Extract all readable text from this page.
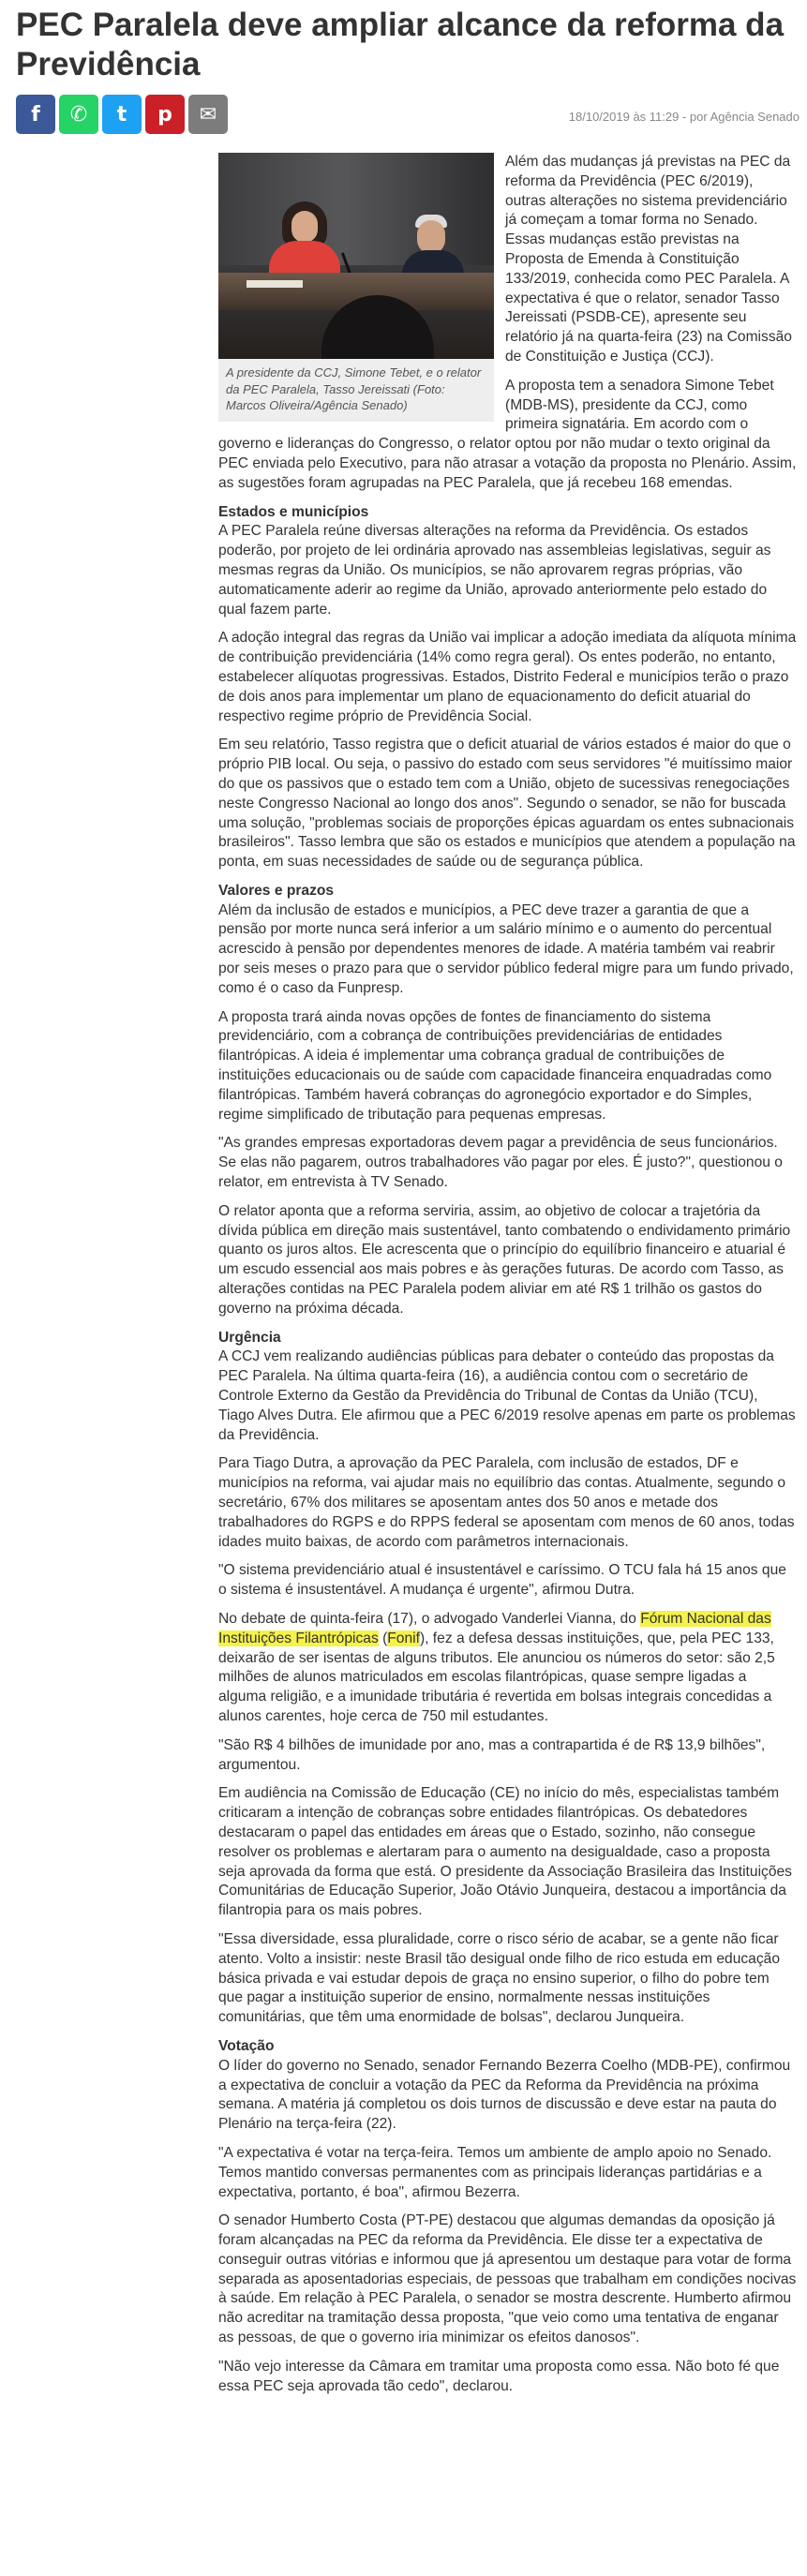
PEC Paralela deve ampliar alcance da reforma da Previdência
f ✆ t p ✉	18/10/2019 às 11:29 - por Agência Senado
A presidente da CCJ, Simone Tebet, e o relator da PEC Paralela, Tasso Jereissati (Foto: Marcos Oliveira/Agência Senado)

Além das mudanças já previstas na PEC da reforma da Previdência (PEC 6/2019), outras alterações no sistema previdenciário já começam a tomar forma no Senado. Essas mudanças estão previstas na Proposta de Emenda à Constituição 133/2019, conhecida como PEC Paralela. A expectativa é que o relator, senador Tasso Jereissati (PSDB-CE), apresente seu relatório já na quarta-feira (23) na Comissão de Constituição e Justiça (CCJ).

A proposta tem a senadora Simone Tebet (MDB-MS), presidente da CCJ, como primeira signatária. Em acordo com o governo e lideranças do Congresso, o relator optou por não mudar o texto original da PEC enviada pelo Executivo, para não atrasar a votação da proposta no Plenário. Assim, as sugestões foram agrupadas na PEC Paralela, que já recebeu 168 emendas.

Estados e municípios

A PEC Paralela reúne diversas alterações na reforma da Previdência. Os estados poderão, por projeto de lei ordinária aprovado nas assembleias legislativas, seguir as mesmas regras da União. Os municípios, se não aprovarem regras próprias, vão automaticamente aderir ao regime da União, aprovado anteriormente pelo estado do qual fazem parte.

A adoção integral das regras da União vai implicar a adoção imediata da alíquota mínima de contribuição previdenciária (14% como regra geral). Os entes poderão, no entanto, estabelecer alíquotas progressivas. Estados, Distrito Federal e municípios terão o prazo de dois anos para implementar um plano de equacionamento do deficit atuarial do respectivo regime próprio de Previdência Social.

Em seu relatório, Tasso registra que o deficit atuarial de vários estados é maior do que o próprio PIB local. Ou seja, o passivo do estado com seus servidores "é muitíssimo maior do que os passivos que o estado tem com a União, objeto de sucessivas renegociações neste Congresso Nacional ao longo dos anos". Segundo o senador, se não for buscada uma solução, "problemas sociais de proporções épicas aguardam os entes subnacionais brasileiros". Tasso lembra que são os estados e municípios que atendem a população na ponta, em suas necessidades de saúde ou de segurança pública.

Valores e prazos

Além da inclusão de estados e municípios, a PEC deve trazer a garantia de que a pensão por morte nunca será inferior a um salário mínimo e o aumento do percentual acrescido à pensão por dependentes menores de idade. A matéria também vai reabrir por seis meses o prazo para que o servidor público federal migre para um fundo privado, como é o caso da Funpresp.

A proposta trará ainda novas opções de fontes de financiamento do sistema previdenciário, com a cobrança de contribuições previdenciárias de entidades filantrópicas. A ideia é implementar uma cobrança gradual de contribuições de instituições educacionais ou de saúde com capacidade financeira enquadradas como filantrópicas. Também haverá cobranças do agronegócio exportador e do Simples, regime simplificado de tributação para pequenas empresas.

"As grandes empresas exportadoras devem pagar a previdência de seus funcionários. Se elas não pagarem, outros trabalhadores vão pagar por eles. É justo?", questionou o relator, em entrevista à TV Senado.

O relator aponta que a reforma serviria, assim, ao objetivo de colocar a trajetória da dívida pública em direção mais sustentável, tanto combatendo o endividamento primário quanto os juros altos. Ele acrescenta que o princípio do equilíbrio financeiro e atuarial é um escudo essencial aos mais pobres e às gerações futuras. De acordo com Tasso, as alterações contidas na PEC Paralela podem aliviar em até R$ 1 trilhão os gastos do governo na próxima década.

Urgência

A CCJ vem realizando audiências públicas para debater o conteúdo das propostas da PEC Paralela. Na última quarta-feira (16), a audiência contou com o secretário de Controle Externo da Gestão da Previdência do Tribunal de Contas da União (TCU), Tiago Alves Dutra. Ele afirmou que a PEC 6/2019 resolve apenas em parte os problemas da Previdência.

Para Tiago Dutra, a aprovação da PEC Paralela, com inclusão de estados, DF e municípios na reforma, vai ajudar mais no equilíbrio das contas. Atualmente, segundo o secretário, 67% dos militares se aposentam antes dos 50 anos e metade dos trabalhadores do RGPS e do RPPS federal se aposentam com menos de 60 anos, todas idades muito baixas, de acordo com parâmetros internacionais.

"O sistema previdenciário atual é insustentável e caríssimo. O TCU fala há 15 anos que o sistema é insustentável. A mudança é urgente", afirmou Dutra.

No debate de quinta-feira (17), o advogado Vanderlei Vianna, do Fórum Nacional das Instituições Filantrópicas (Fonif), fez a defesa dessas instituições, que, pela PEC 133, deixarão de ser isentas de alguns tributos. Ele anunciou os números do setor: são 2,5 milhões de alunos matriculados em escolas filantrópicas, quase sempre ligadas a alguma religião, e a imunidade tributária é revertida em bolsas integrais concedidas a alunos carentes, hoje cerca de 750 mil estudantes.

"São R$ 4 bilhões de imunidade por ano, mas a contrapartida é de R$ 13,9 bilhões", argumentou.

Em audiência na Comissão de Educação (CE) no início do mês, especialistas também criticaram a intenção de cobranças sobre entidades filantrópicas. Os debatedores destacaram o papel das entidades em áreas que o Estado, sozinho, não consegue resolver os problemas e alertaram para o aumento na desigualdade, caso a proposta seja aprovada da forma que está. O presidente da Associação Brasileira das Instituições Comunitárias de Educação Superior, João Otávio Junqueira, destacou a importância da filantropia para os mais pobres.

"Essa diversidade, essa pluralidade, corre o risco sério de acabar, se a gente não ficar atento. Volto a insistir: neste Brasil tão desigual onde filho de rico estuda em educação básica privada e vai estudar depois de graça no ensino superior, o filho do pobre tem que pagar a instituição superior de ensino, normalmente nessas instituições comunitárias, que têm uma enormidade de bolsas", declarou Junqueira.

Votação

O líder do governo no Senado, senador Fernando Bezerra Coelho (MDB-PE), confirmou a expectativa de concluir a votação da PEC da Reforma da Previdência na próxima semana. A matéria já completou os dois turnos de discussão e deve estar na pauta do Plenário na terça-feira (22).

"A expectativa é votar na terça-feira. Temos um ambiente de amplo apoio no Senado. Temos mantido conversas permanentes com as principais lideranças partidárias e a expectativa, portanto, é boa", afirmou Bezerra.

O senador Humberto Costa (PT-PE) destacou que algumas demandas da oposição já foram alcançadas na PEC da reforma da Previdência. Ele disse ter a expectativa de conseguir outras vitórias e informou que já apresentou um destaque para votar de forma separada as aposentadorias especiais, de pessoas que trabalham em condições nocivas à saúde. Em relação à PEC Paralela, o senador se mostra descrente. Humberto afirmou não acreditar na tramitação dessa proposta, "que veio como uma tentativa de enganar as pessoas, de que o governo iria minimizar os efeitos danosos".

"Não vejo interesse da Câmara em tramitar uma proposta como essa. Não boto fé que essa PEC seja aprovada tão cedo", declarou.
